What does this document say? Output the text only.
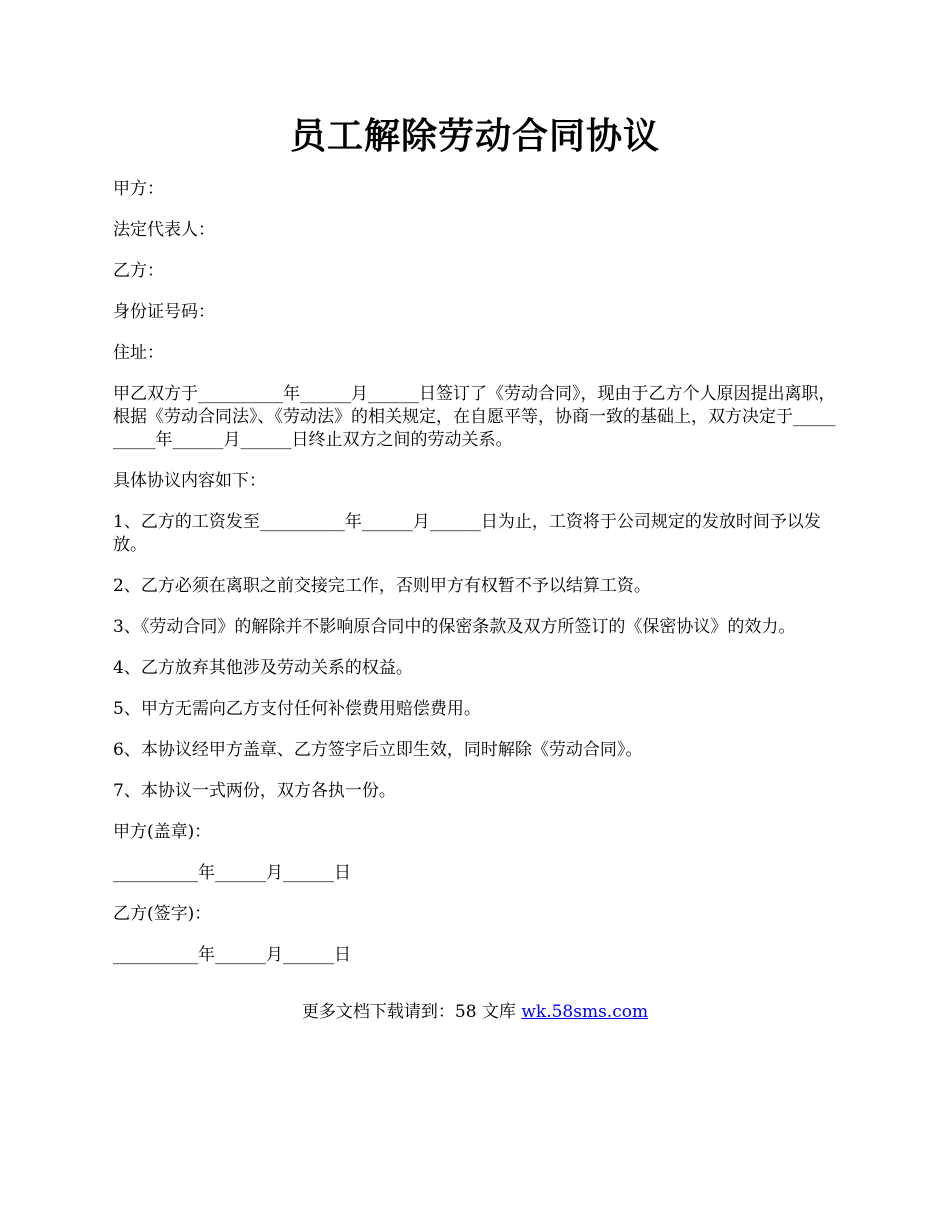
员工解除劳动合同协议

甲方：

法定代表人：

乙方：

身份证号码：

住址：

甲乙双方于__________年______月______日签订了《劳动合同》，现由于乙方个人原因提出离职，根据《劳动合同法》、《劳动法》的相关规定，在自愿平等，协商一致的基础上，双方决定于__________年______月______日终止双方之间的劳动关系。

具体协议内容如下：

1、乙方的工资发至__________年______月______日为止，工资将于公司规定的发放时间予以发放。

2、乙方必须在离职之前交接完工作，否则甲方有权暂不予以结算工资。

3、《劳动合同》的解除并不影响原合同中的保密条款及双方所签订的《保密协议》的效力。

4、乙方放弃其他涉及劳动关系的权益。

5、甲方无需向乙方支付任何补偿费用赔偿费用。

6、本协议经甲方盖章、乙方签字后立即生效，同时解除《劳动合同》。

7、本协议一式两份，双方各执一份。

甲方(盖章)：

__________年______月______日

乙方(签字)：

__________年______月______日

更多文档下载请到：58 文库 wk.58sms.com
